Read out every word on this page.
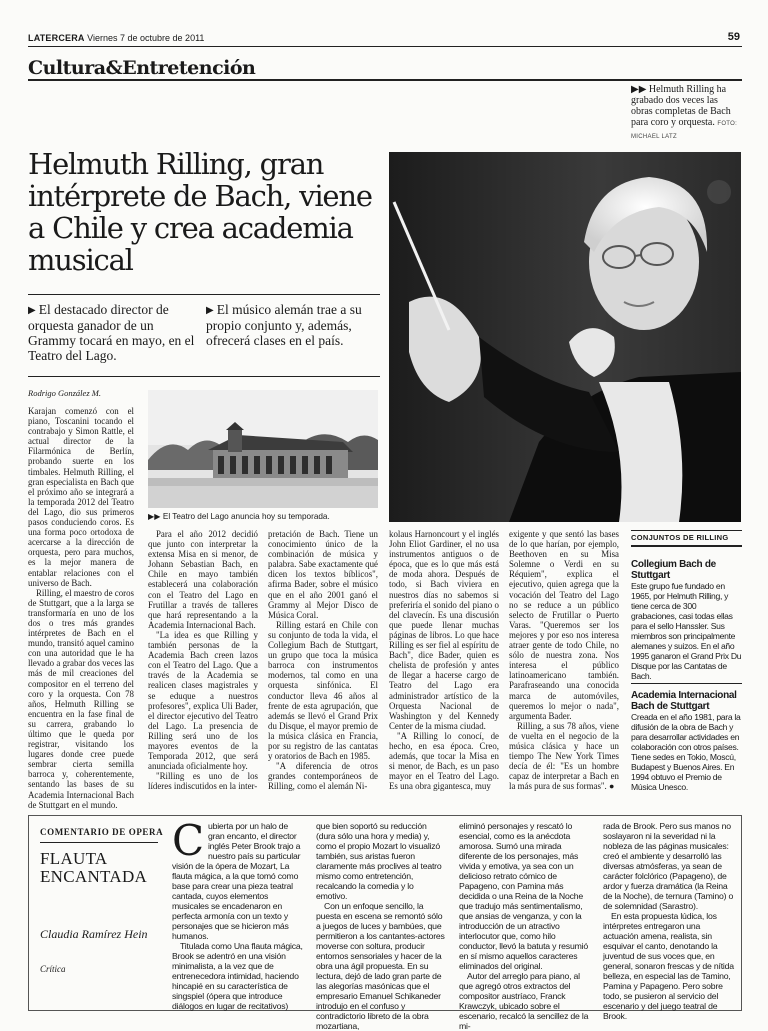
LATERCERA Viernes 7 de octubre de 2011	59
Cultura&Entretención
▶▶ Helmuth Rilling ha grabado dos veces las obras completas de Bach para coro y orquesta. FOTO:
MICHAEL LATZ
Helmuth Rilling, gran intérprete de Bach, viene a Chile y crea academia musical
▶ El destacado director de orquesta ganador de un Grammy tocará en mayo, en el Teatro del Lago.
▶ El músico alemán trae a su propio conjunto y, además, ofrecerá clases en el país.
Rodrigo González M.
▶▶ El Teatro del Lago anuncia hoy su temporada.

Karajan comenzó con el piano, Toscanini tocando el contrabajo y Simon Rattle, el actual director de la Filarmónica de Berlín, probando suerte en los timbales. Helmuth Rilling, el gran especialista en Bach que el próximo año se integrará a la temporada 2012 del Teatro del Lago, dio sus primeros pasos conduciendo coros. Es una forma poco ortodoxa de acercarse a la dirección de orquesta, pero para muchos, es la mejor manera de entablar relaciones con el universo de Bach.

Rilling, el maestro de coros de Stuttgart, que a la larga se transformaría en uno de los dos o tres más grandes intérpretes de Bach en el mundo, transitó aquel camino con una autoridad que le ha llevado a grabar dos veces las más de mil creaciones del compositor en el terreno del coro y la orquesta. Con 78 años, Helmuth Rilling se encuentra en la fase final de su carrera, grabando lo último que le queda por registrar, visitando los lugares donde cree puede sembrar cierta semilla barroca y, coherentemente, sentando las bases de su Academia Internacional Bach de Stuttgart en el mundo.

Para el año 2012 decidió que junto con interpretar la extensa Misa en si menor, de Johann Sebastian Bach, en Chile en mayo también establecerá una colaboración con el Teatro del Lago en Frutillar a través de talleres que hará representando a la Academia Internacional Bach.

"La idea es que Rilling y también personas de la Academia Bach creen lazos con el Teatro del Lago. Que a través de la Academia se realicen clases magistrales y se eduque a nuestros profesores", explica Uli Bader, el director ejecutivo del Teatro del Lago. La presencia de Rilling será uno de los mayores eventos de la Temporada 2012, que será anunciada oficialmente hoy.

"Rilling es uno de los líderes indiscutidos en la inter-

pretación de Bach. Tiene un conocimiento único de la combinación de música y palabra. Sabe exactamente qué dicen los textos bíblicos", afirma Bader, sobre el músico que en el año 2001 ganó el Grammy al Mejor Disco de Música Coral.

Rilling estará en Chile con su conjunto de toda la vida, el Collegium Bach de Stuttgart, un grupo que toca la música barroca con instrumentos modernos, tal como en una orquesta sinfónica. El conductor lleva 46 años al frente de esta agrupación, que además se llevó el Grand Prix du Disque, el mayor premio de la música clásica en Francia, por su registro de las cantatas y oratorios de Bach en 1985.

"A diferencia de otros grandes contemporáneos de Rilling, como el alemán Ni-

kolaus Harnoncourt y el inglés John Eliot Gardiner, el no usa instrumentos antiguos o de época, que es lo que más está de moda ahora. Después de todo, si Bach viviera en nuestros días no sabemos si preferiría el sonido del piano o del clavecín. Es una discusión que puede llenar muchas páginas de libros. Lo que hace Rilling es ser fiel al espíritu de Bach", dice Bader, quien es chelista de profesión y antes de llegar a hacerse cargo de Teatro del Lago era administrador artístico de la Orquesta Nacional de Washington y del Kennedy Center de la misma ciudad.

"A Rilling lo conocí, de hecho, en esa época. Creo, además, que tocar la Misa en si menor, de Bach, es un paso mayor en el Teatro del Lago. Es una obra gigantesca, muy

exigente y que sentó las bases de lo que harían, por ejemplo, Beethoven en su Misa Solemne o Verdi en su Réquiem", explica el ejecutivo, quien agrega que la vocación del Teatro del Lago no se reduce a un público selecto de Frutillar o Puerto Varas. "Queremos ser los mejores y por eso nos interesa atraer gente de todo Chile, no sólo de nuestra zona. Nos interesa el público latinoamericano también. Parafraseando una conocida marca de automóviles, queremos lo mejor o nada", argumenta Bader.

Rilling, a sus 78 años, viene de vuelta en el negocio de la música clásica y hace un tiempo The New York Times decía de él: "Es un hombre capaz de interpretar a Bach en la más pura de sus formas". ●

CONJUNTOS DE RILLING
Collegium Bach de Stuttgart
Este grupo fue fundado en 1965, por Helmuth Rilling, y tiene cerca de 300 grabaciones, casi todas ellas para el sello Hanssler. Sus miembros son principalmente alemanes y suizos. En el año 1995 ganaron el Grand Prix Du Disque por las Cantatas de Bach.
Academia Internacional Bach de Stuttgart
Creada en el año 1981, para la difusión de la obra de Bach y para desarrollar actividades en colaboración con otros países. Tiene sedes en Tokio, Moscú, Budapest y Buenos Aires. En 1994 obtuvo el Premio de Música Unesco.
COMENTARIO DE OPERA
FLAUTA ENCANTADA
Claudia Ramírez Hein
Crítica
C ubierta por un halo de gran encanto, el director inglés Peter Brook trajo a nuestro país su particular visión de la ópera de Mozart, La flauta mágica, a la que tomó como base para crear una pieza teatral cantada, cuyos elementos musicales se encadenaron en perfecta armonía con un texto y personajes que se hicieron más humanos.

Titulada como Una flauta mágica, Brook se adentró en una visión minimalista, a la vez que de entrenecedora intimidad, haciendo hincapié en su característica de singspiel (ópera que introduce diálogos en lugar de recitativos)

que bien soportó su reducción (dura sólo una hora y media) y, como el propio Mozart lo visualizó también, sus aristas fueron claramente más proclives al teatro mismo como entretención, recalcando la comedia y lo emotivo.

Con un enfoque sencillo, la puesta en escena se remontó sólo a juegos de luces y bambúes, que permitieron a los cantantes-actores moverse con soltura, producir entornos sensoriales y hacer de la obra una ágil propuesta. En su lectura, dejó de lado gran parte de las alegorías masónicas que el empresario Emanuel Schikaneder introdujo en el confuso y contradictorio libreto de la obra mozartiana,

eliminó personajes y rescató lo esencial, como es la anécdota amorosa. Sumó una mirada diferente de los personajes, más vivida y emotiva, ya sea con un delicioso retrato cómico de Papageno, con Pamina más decidida o una Reina de la Noche que tradujo más sentimentalismo, que ansias de venganza, y con la introducción de un atractivo interlocutor que, como hilo conductor, llevó la batuta y resumió en sí mismo aquellos caracteres eliminados del original.

Autor del arreglo para piano, al que agregó otros extractos del compositor austríaco, Franck Krawczyk, ubicado sobre el escenario, recalcó la sencillez de la mi-

rada de Brook. Pero sus manos no soslayaron ni la severidad ni la nobleza de las páginas musicales: creó el ambiente y desarrolló las diversas atmósferas, ya sean de carácter folclórico (Papageno), de ardor y fuerza dramática (la Reina de la Noche), de ternura (Tamino) o de solemnidad (Sarastro).

En esta propuesta lúdica, los intérpretes entregaron una actuación amena, realista, sin esquivar el canto, denotando la juventud de sus voces que, en general, sonaron frescas y de nítida belleza, en especial las de Tamino, Pamina y Papageno. Pero sobre todo, se pusieron al servicio del escenario y del juego teatral de Brook.
